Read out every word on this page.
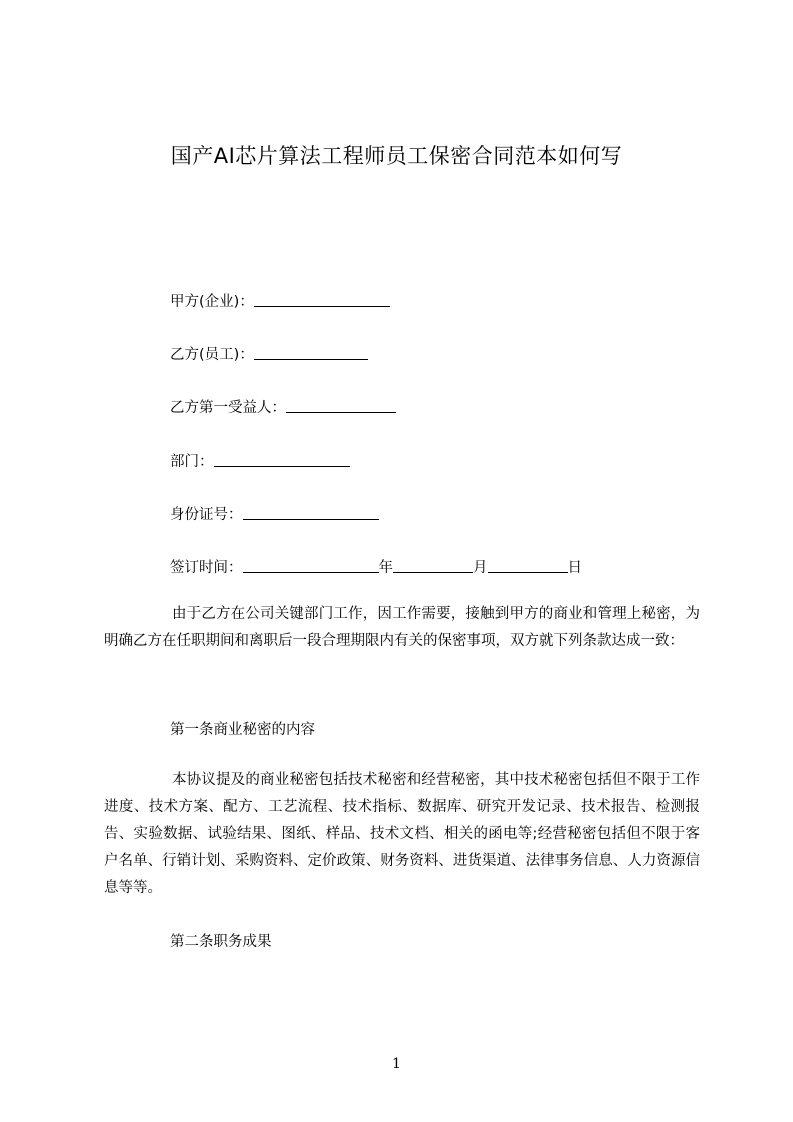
国产AI芯片算法工程师员工保密合同范本如何写
甲方(企业)：
乙方(员工)：
乙方第一受益人：
部门：
身份证号：
签订时间：	年	月	日
由于乙方在公司关键部门工作，因工作需要，接触到甲方的商业和管理上秘密，为明确乙方在任职期间和离职后一段合理期限内有关的保密事项，双方就下列条款达成一致：
第一条商业秘密的内容
本协议提及的商业秘密包括技术秘密和经营秘密，其中技术秘密包括但不限于工作进度、技术方案、配方、工艺流程、技术指标、数据库、研究开发记录、技术报告、检测报告、实验数据、试验结果、图纸、样品、技术文档、相关的函电等;经营秘密包括但不限于客户名单、行销计划、采购资料、定价政策、财务资料、进货渠道、法律事务信息、人力资源信息等等。
第二条职务成果
1
